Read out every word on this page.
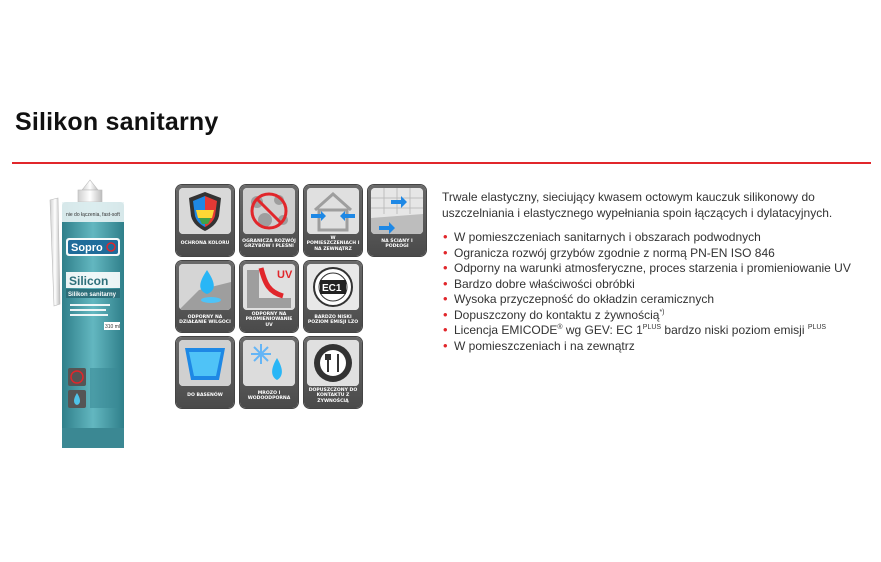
Silikon sanitarny
nie do łączenia, fast-soft
Sopro
Silicon
Silikon sanitarny
310 ml
OCHRONA KOLORU
OGRANICZA ROZWÓJ GRZYBÓW I PLEŚNI
W POMIESZCZENIACH I NA ZEWNĄTRZ
NA ŚCIANY I PODŁOGI
ODPORNY NA DZIAŁANIE WILGOCI
UV
ODPORNY NA PROMIENIOWANIE UV
EC1
BARDZO NISKI POZIOM EMISJI LZO
DO BASENÓW
MROZO I WODOODPORNA
DOPUSZCZONY DO KONTAKTU Z ŻYWNOŚCIĄ

Trwale elastyczny, sieciujący kwasem octowym kauczuk silikonowy do uszczelniania i elastycznego wypełniania spoin łączących i dylatacyjnych.

• W pomieszczeniach sanitarnych i obszarach podwodnych
• Ogranicza rozwój grzybów zgodnie z normą PN-EN ISO 846
• Odporny na warunki atmosferyczne, proces starzenia i promieniowanie UV
• Bardzo dobre właściwości obróbki
• Wysoka przyczepność do okładzin ceramicznych
• Dopuszczony do kontaktu z żywnością*)
• Licencja EMICODE® wg GEV: EC $1^{PLUS}$ bardzo niski poziom emisji $^{PLUS}$
• W pomieszczeniach i na zewnątrz
